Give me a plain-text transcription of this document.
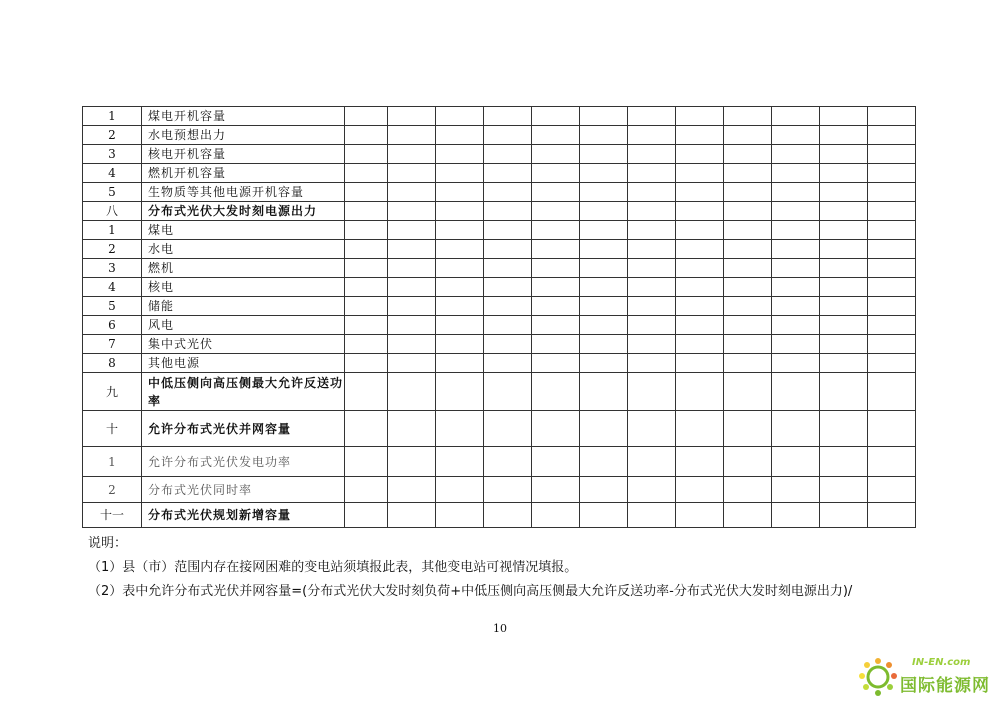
1	煤电开机容量												
2	水电预想出力												
3	核电开机容量												
4	燃机开机容量												
5	生物质等其他电源开机容量												
八	分布式光伏大发时刻电源出力												
1	煤电												
2	水电												
3	燃机												
4	核电												
5	储能												
6	风电												
7	集中式光伏												
8	其他电源												
九	中低压侧向高压侧最大允许反送功率												
十	允许分布式光伏并网容量												
1	允许分布式光伏发电功率												
2	分布式光伏同时率												
十一	分布式光伏规划新增容量												
说明：
（1）县（市）范围内存在接网困难的变电站须填报此表，其他变电站可视情况填报。
（2）表中允许分布式光伏并网容量=(分布式光伏大发时刻负荷+中低压侧向高压侧最大允许反送功率-分布式光伏大发时刻电源出力)/
10
IN-EN.com
国际能源网
